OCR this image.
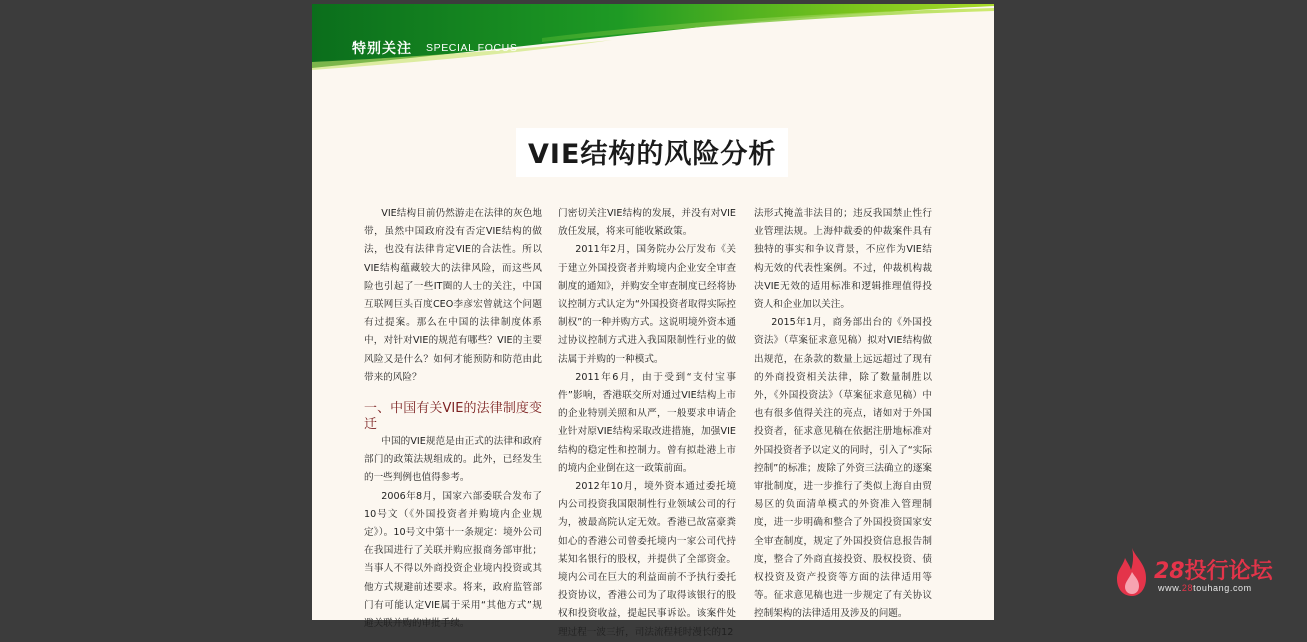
特别关注 SPECIAL FOCUS
VIE结构的风险分析

VIE结构目前仍然游走在法律的灰色地带，虽然中国政府没有否定VIE结构的做法，也没有法律肯定VIE的合法性。所以VIE结构蕴藏较大的法律风险，而这些风险也引起了一些IT圈的人士的关注，中国互联网巨头百度CEO李彦宏曾就这个问题有过提案。那么在中国的法律制度体系中，对针对VIE的规范有哪些？VIE的主要风险又是什么？如何才能预防和防范由此带来的风险？

一、中国有关VIE的法律制度变迁

中国的VIE规范是由正式的法律和政府部门的政策法规组成的。此外，已经发生的一些判例也值得参考。

2006年8月，国家六部委联合发布了10号文（《外国投资者并购境内企业规定》）。10号文中第十一条规定：境外公司在我国进行了关联并购应报商务部审批；当事人不得以外商投资企业境内投资或其他方式规避前述要求。将来，政府监管部门有可能认定VIE属于采用“其他方式”规避关联并购的审批手续。

门密切关注VIE结构的发展，并没有对VIE放任发展，将来可能收紧政策。

2011年2月，国务院办公厅发布《关于建立外国投资者并购境内企业安全审查制度的通知》，并购安全审查制度已经将协议控制方式认定为“外国投资者取得实际控制权”的一种并购方式。这说明境外资本通过协议控制方式进入我国限制性行业的做法属于并购的一种模式。

2011年6月，由于受到“支付宝事件”影响，香港联交所对通过VIE结构上市的企业特别关照和从严，一般要求申请企业针对原VIE结构采取改进措施，加强VIE结构的稳定性和控制力。曾有拟赴港上市的境内企业倒在这一政策前面。

2012年10月，境外资本通过委托境内公司投资我国限制性行业领域公司的行为，被最高院认定无效。香港已故富豪粪如心的香港公司曾委托境内一家公司代持某知名银行的股权，并提供了全部资金。境内公司在巨大的利益面前不予执行委托投资协议，香港公司为了取得该银行的股权和投资收益，提起民事诉讼。该案件处理过程一波三折，司法流程耗时漫长的12

法形式掩盖非法目的；违反我国禁止性行业管理法规。上海仲裁委的仲裁案件具有独特的事实和争议背景，不应作为VIE结构无效的代表性案例。不过，仲裁机构裁决VIE无效的适用标准和逻辑推理值得投资人和企业加以关注。

2015年1月，商务部出台的《外国投资法》（草案征求意见稿）拟对VIE结构做出规范，在条款的数量上远远超过了现有的外商投资相关法律，除了数量制胜以外，《外国投资法》（草案征求意见稿）中也有很多值得关注的亮点，诸如对于外国投资者，征求意见稿在依据注册地标准对外国投资者予以定义的同时，引入了“实际控制”的标准；废除了外资三法确立的逐案审批制度，进一步推行了类似上海自由贸易区的负面清单模式的外资准入管理制度，进一步明确和整合了外国投资国家安全审查制度，规定了外国投资信息报告制度，整合了外商直接投资、股权投资、债权投资及资产投资等方面的法律适用等等。征求意见稿也进一步规定了有关协议控制架构的法律适用及涉及的问题。

28投行论坛
www.28touhang.com
